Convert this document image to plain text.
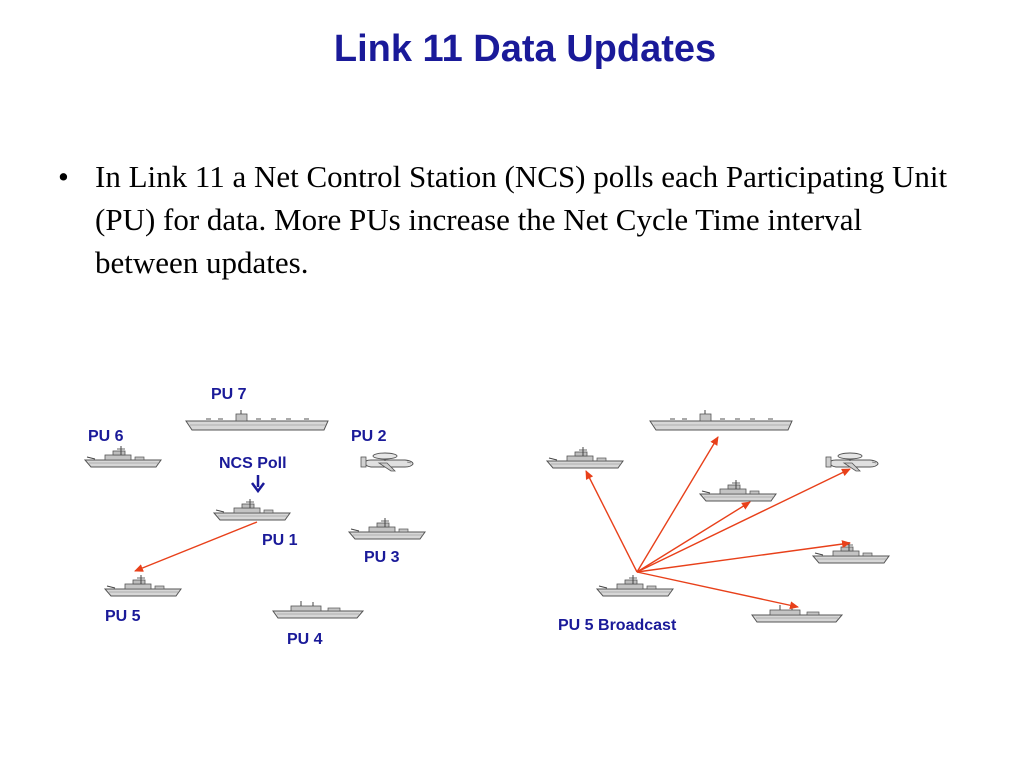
Link 11 Data Updates
• In Link 11 a Net Control Station (NCS) polls each Participating Unit (PU) for data. More PUs increase the Net Cycle Time interval between updates.
PU 7
PU 6	PU 2
NCS Poll
PU 1
PU 3
PU 5
PU 4
PU 5 Broadcast
